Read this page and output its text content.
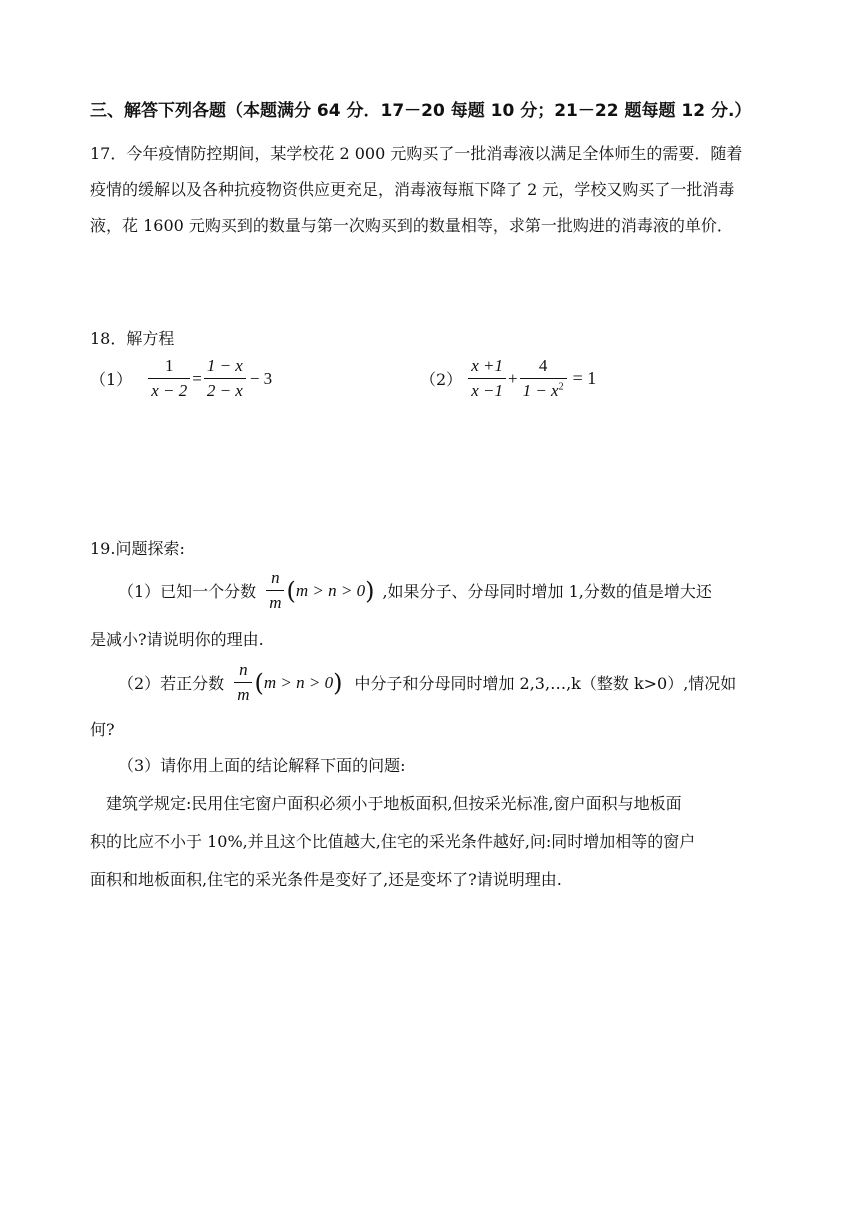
三、解答下列各题（本题满分 64 分．17－20 每题 10 分；21－22 题每题 12 分.）
17．今年疫情防控期间，某学校花 2 000 元购买了一批消毒液以满足全体师生的需要．随着
疫情的缓解以及各种抗疫物资供应更充足，消毒液每瓶下降了 2 元，学校又购买了一批消毒
液，花 1600 元购买到的数量与第一次购买到的数量相等，求第一批购进的消毒液的单价．
18．解方程
$(1) \frac{1}{x - 2} = \frac{1 - x}{2 - x} - 3$	$(2) \frac{x +1}{x -1} + \frac{4}{1 - x^2} = 1$
19.问题探索:
（1）已知一个分数 $\frac{n}{m}$ ( m > n > 0 ) ,如果分子、分母同时增加 1,分数的值是增大还
是减小?请说明你的理由.
（2）若正分数 $\frac{n}{m}$ ( m > n > 0 ) 中分子和分母同时增加 2,3,…,k（整数 k>0）,情况如
何?
（3）请你用上面的结论解释下面的问题:
建筑学规定:民用住宅窗户面积必须小于地板面积,但按采光标准,窗户面积与地板面
积的比应不小于 10%,并且这个比值越大,住宅的采光条件越好,问:同时增加相等的窗户
面积和地板面积,住宅的采光条件是变好了,还是变坏了?请说明理由.
